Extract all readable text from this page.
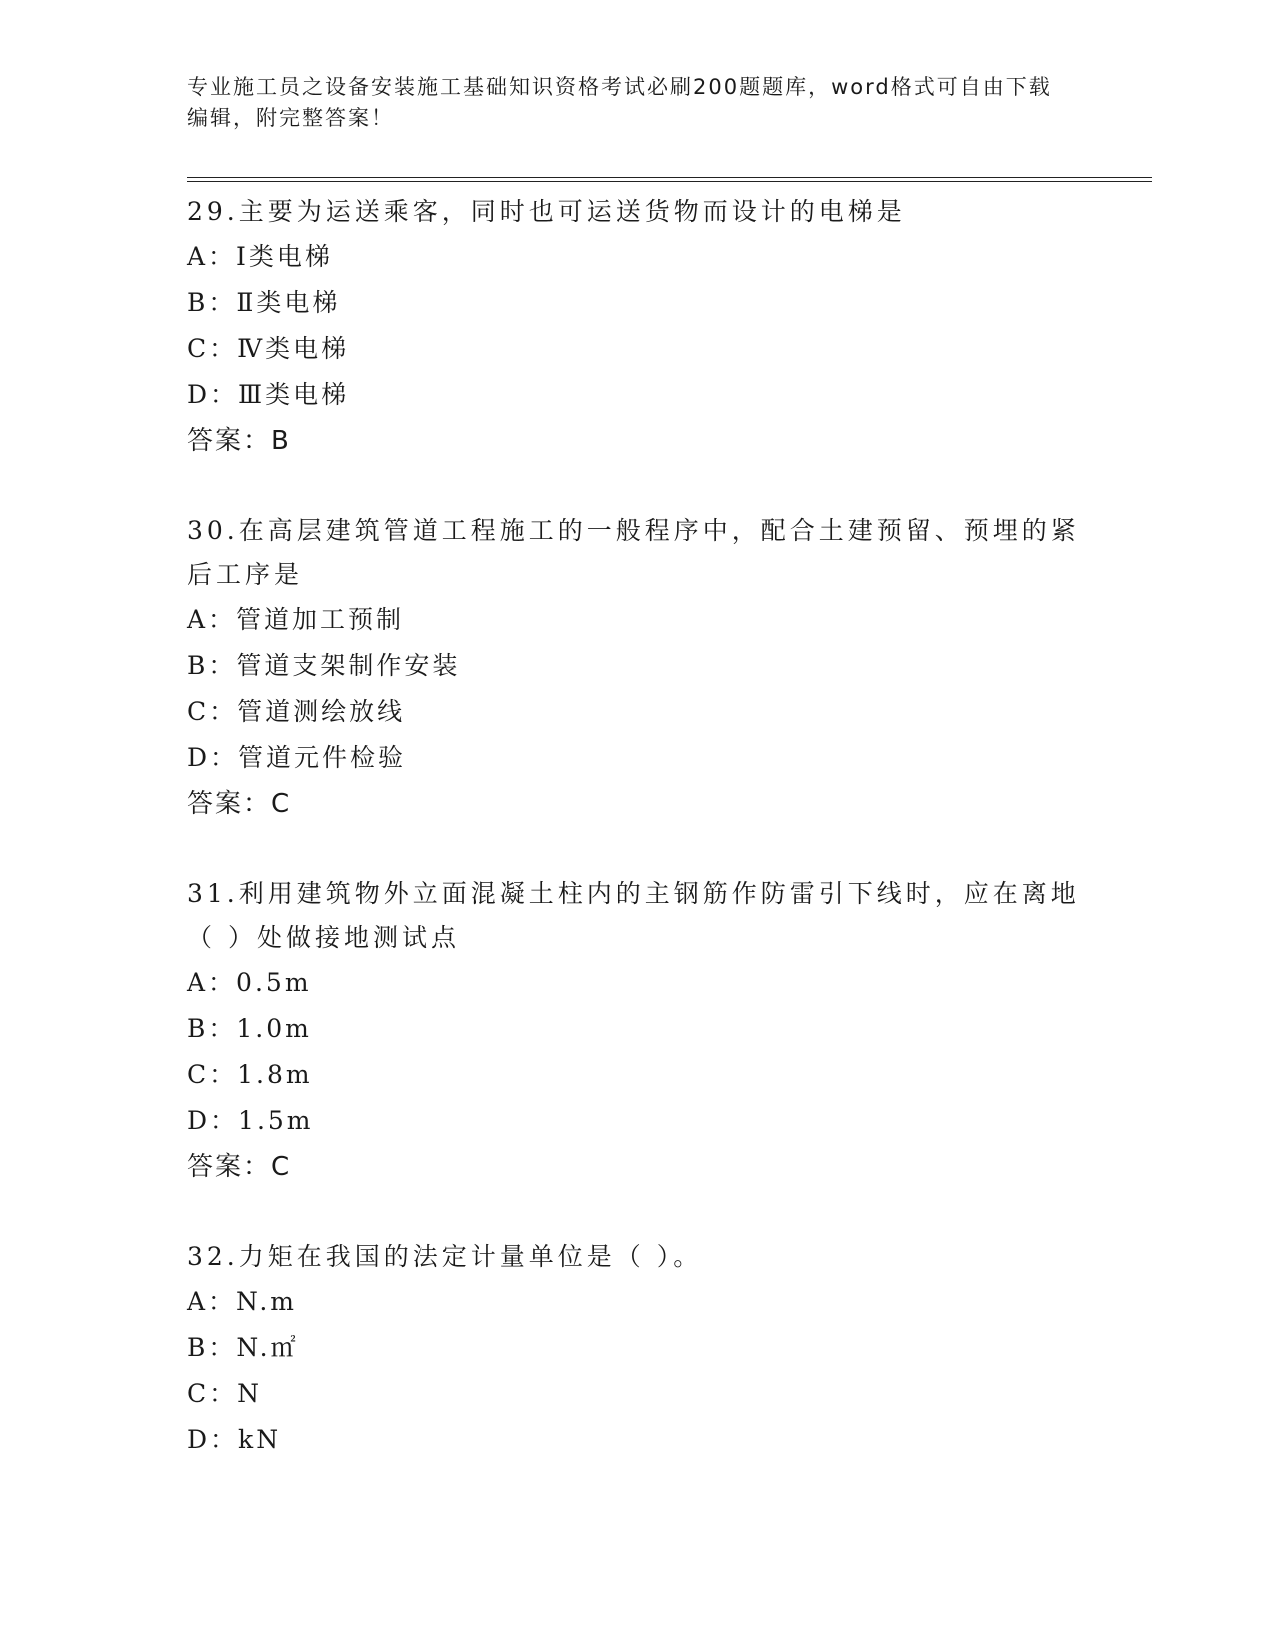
专业施工员之设备安装施工基础知识资格考试必刷200题题库，word格式可自由下载编辑，附完整答案！

29.主要为运送乘客，同时也可运送货物而设计的电梯是

A：Ⅰ类电梯

B：Ⅱ类电梯

C：Ⅳ类电梯

D：Ⅲ类电梯

答案：B

30.在高层建筑管道工程施工的一般程序中，配合土建预留、预埋的紧后工序是

A：管道加工预制

B：管道支架制作安装

C：管道测绘放线

D：管道元件检验

答案：C

31.利用建筑物外立面混凝土柱内的主钢筋作防雷引下线时，应在离地（ ）处做接地测试点

A：0.5m

B：1.0m

C：1.8m

D：1.5m

答案：C

32.力矩在我国的法定计量单位是（ ）。

A：N.m

B：N.㎡

C：N

D：kN
